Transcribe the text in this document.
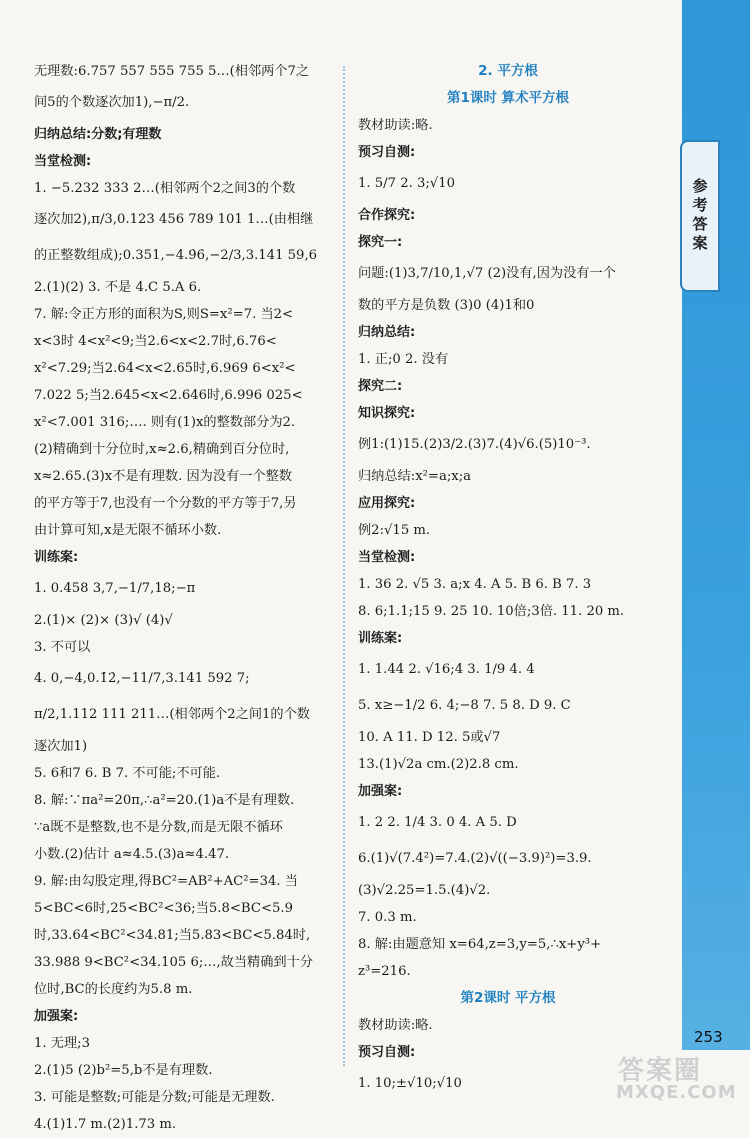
参考答案
无理数:6.757 557 555 755 5…(相邻两个7之
间5的个数逐次加1),−π/2.
归纳总结:分数;有理数
当堂检测:
1. −5.232 333 2…(相邻两个2之间3的个数
逐次加2),π/3,0.123 456 789 101 1…(由相继
的正整数组成);0.351,−4.9̇6̇,−2/3,3.141 59,6
2.(1)(2) 3. 不是 4.C 5.A 6.
7. 解:令正方形的面积为S,则S=x²=7. 当2<
x<3时 4<x²<9;当2.6<x<2.7时,6.76<
x²<7.29;当2.64<x<2.65时,6.969 6<x²<
7.022 5;当2.645<x<2.646时,6.996 025<
x²<7.001 316;…. 则有(1)x的整数部分为2.
(2)精确到十分位时,x≈2.6,精确到百分位时,
x≈2.65.(3)x不是有理数. 因为没有一个整数
的平方等于7,也没有一个分数的平方等于7,另
由计算可知,x是无限不循环小数.
训练案:
1. 0.458 3,7,−1/7,18;−π
2.(1)× (2)× (3)√ (4)√
3. 不可以
4. 0,−4,0.1̇2̇,−11/7,3.141 592 7;
π/2,1.112 111 211…(相邻两个2之间1的个数
逐次加1)
5. 6和7 6. B 7. 不可能;不可能.
8. 解:∵πa²=20π,∴a²=20.(1)a不是有理数.
∵a既不是整数,也不是分数,而是无限不循环
小数.(2)估计 a≈4.5.(3)a≈4.47.
9. 解:由勾股定理,得BC²=AB²+AC²=34. 当
5<BC<6时,25<BC²<36;当5.8<BC<5.9
时,33.64<BC²<34.81;当5.83<BC<5.84时,
33.988 9<BC²<34.105 6;…,故当精确到十分
位时,BC的长度约为5.8 m.
加强案:
1. 无理;3
2.(1)5 (2)b²=5,b不是有理数.
3. 可能是整数;可能是分数;可能是无理数.
4.(1)1.7 m.(2)1.73 m.
2. 平方根
第1课时 算术平方根
教材助读:略.
预习自测:
1. 5/7 2. 3;√10
合作探究:
探究一:
问题:(1)3,7/10,1,√7 (2)没有,因为没有一个
数的平方是负数 (3)0 (4)1和0
归纳总结:
1. 正;0 2. 没有
探究二:
知识探究:
例1:(1)15.(2)3/2.(3)7.(4)√6.(5)10⁻³.
归纳总结:x²=a;x;a
应用探究:
例2:√15 m.
当堂检测:
1. 36 2. √5 3. a;x 4. A 5. B 6. B 7. 3
8. 6;1.1;15 9. 25 10. 10倍;3倍. 11. 20 m.
训练案:
1. 1.44 2. √16;4 3. 1/9 4. 4
5. x≥−1/2 6. 4;−8 7. 5 8. D 9. C
10. A 11. D 12. 5或√7
13.(1)√2a cm.(2)2.8 cm.
加强案:
1. 2 2. 1/4 3. 0 4. A 5. D
6.(1)√(7.4²)=7.4.(2)√((−3.9)²)=3.9.
(3)√2.25=1.5.(4)√2.
7. 0.3 m.
8. 解:由题意知 x=64,z=3,y=5,∴x+y³+
z³=216.
第2课时 平方根
教材助读:略.
预习自测:
1. 10;±√10;√10
253
答案圈
MXQE.COM
